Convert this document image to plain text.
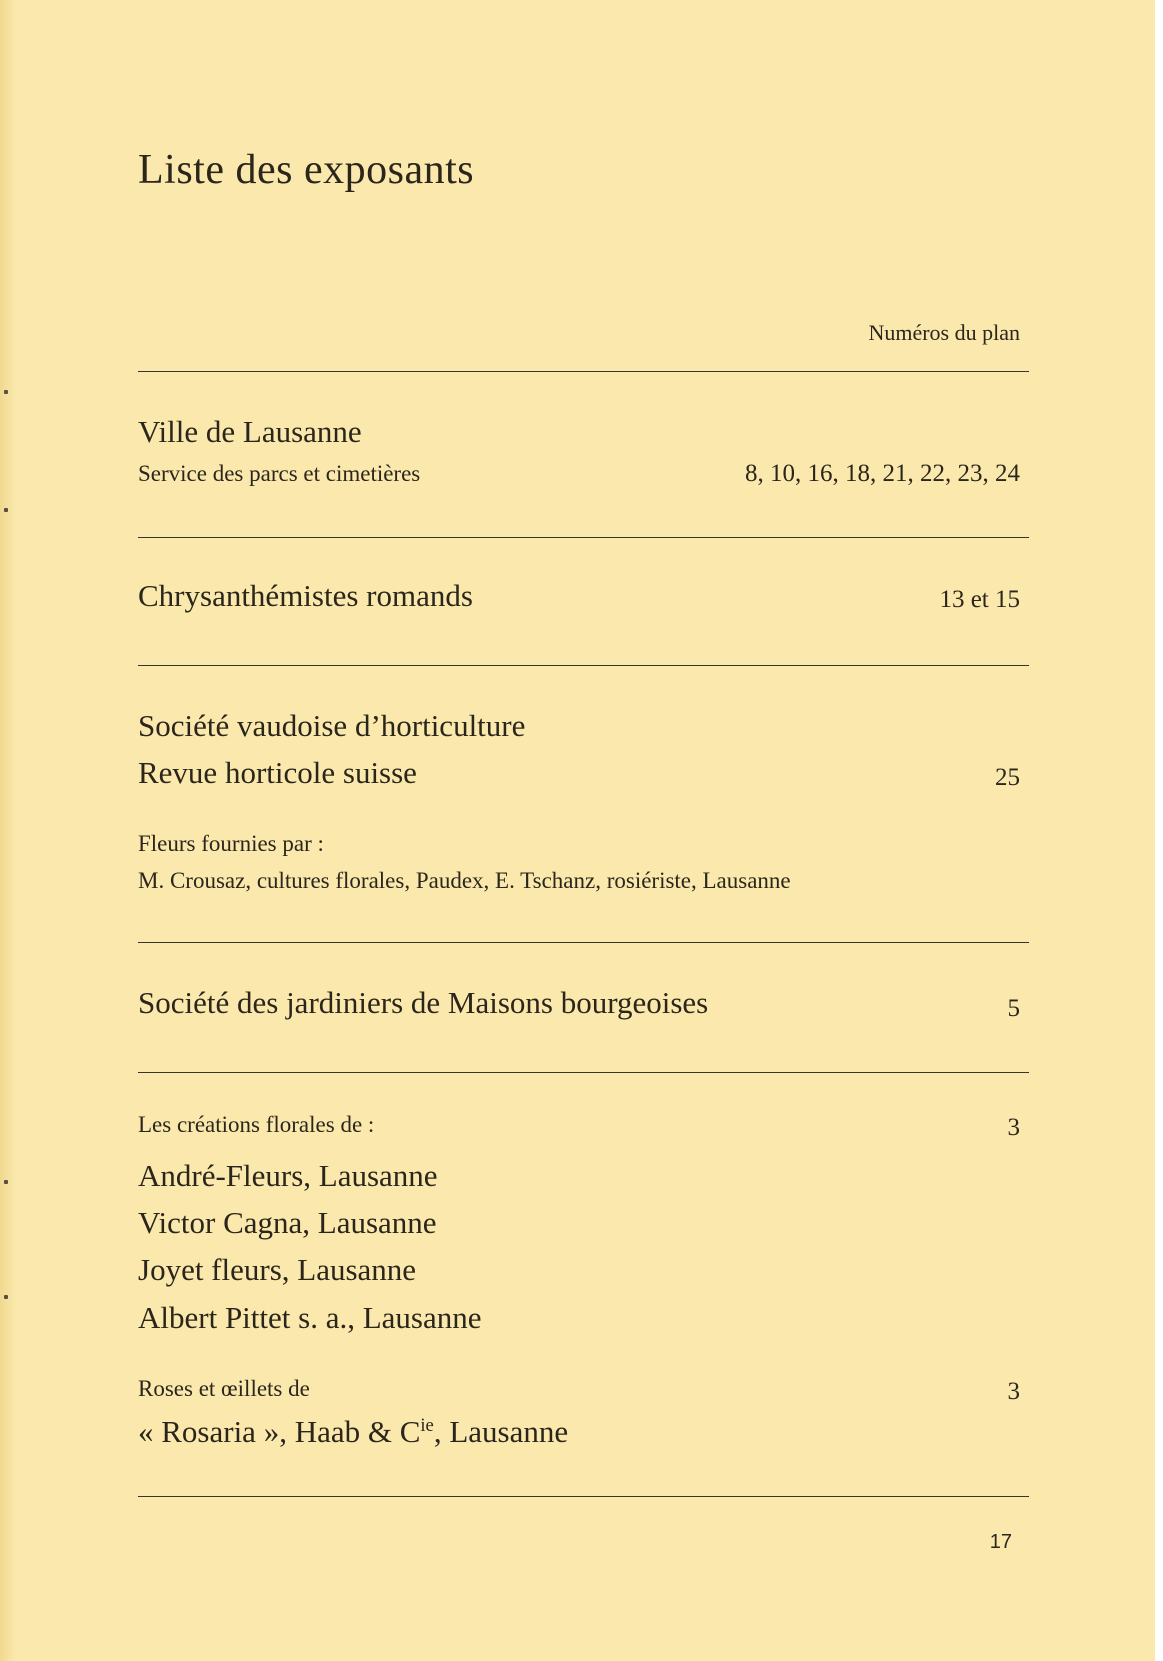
Liste des exposants

Numéros du plan

Ville de Lausanne

Service des parcs et cimetières	8, 10, 16, 18, 21, 22, 23, 24

Chrysanthémistes romands	13 et 15

Société vaudoise d’horticulture

Revue horticole suisse	25

Fleurs fournies par :

M. Crousaz, cultures florales, Paudex, E. Tschanz, rosiériste, Lausanne

Société des jardiniers de Maisons bourgeoises	5

Les créations florales de :	3

André-Fleurs, Lausanne

Victor Cagna, Lausanne

Joyet fleurs, Lausanne

Albert Pittet s. a., Lausanne

Roses et œillets de	3

« Rosaria », Haab & $C^{ie}$, Lausanne

17
